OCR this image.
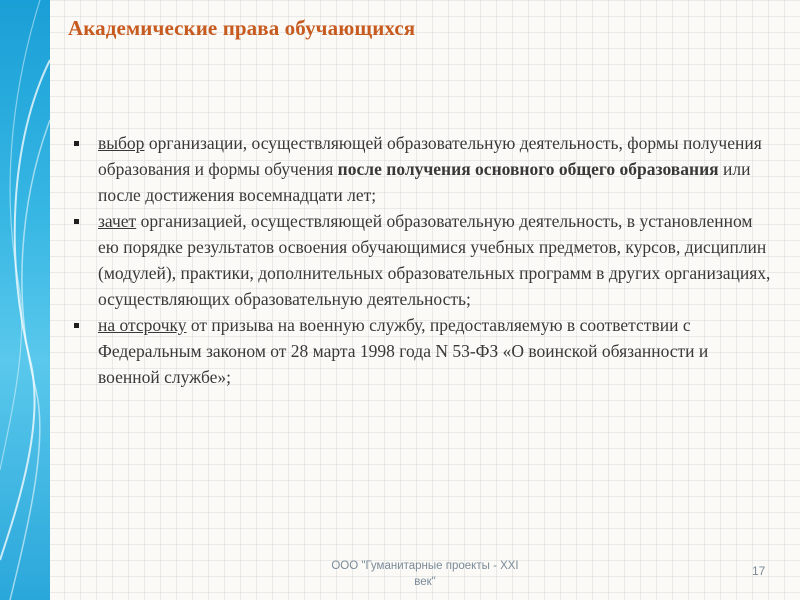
Академические права обучающихся
выбор организации, осуществляющей образовательную деятельность, формы получения образования и формы обучения после получения основного общего образования или после достижения восемнадцати лет;
зачет организацией, осуществляющей образовательную деятельность, в установленном ею порядке результатов освоения обучающимися учебных предметов, курсов, дисциплин (модулей), практики, дополнительных образовательных программ в других организациях, осуществляющих образовательную деятельность;
на отсрочку от призыва на военную службу, предоставляемую в соответствии с Федеральным законом от 28 марта 1998 года N 53-ФЗ «О воинской обязанности и военной службе»;
ООО "Гуманитарные проекты - XXI
век"
17
